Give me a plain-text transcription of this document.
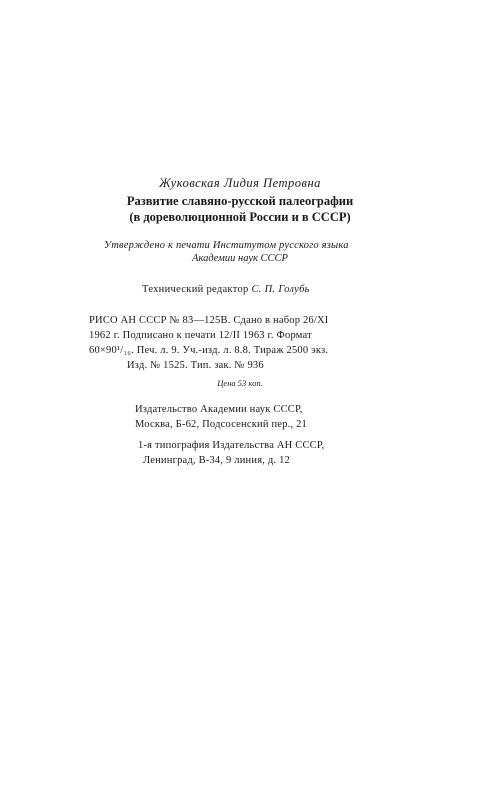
Жуковская Лидия Петровна
Развитие славяно-русской палеографии
(в дореволюционной России и в СССР)
Утверждено к печати Институтом русского языка
Академии наук СССР
Технический редактор С. П. Голубь
РИСО АН СССР № 83—125В. Сдано в набор 26/XI
1962 г. Подписано к печати 12/II 1963 г. Формат
60×90¹/₁₆. Печ. л. 9. Уч.-изд. л. 8.8. Тираж 2500 экз.
Изд. № 1525. Тип. зак. № 936
Цена 53 коп.
Издательство Академии наук СССР,
Москва, Б-62, Подсосенский пер., 21
1-я типография Издательства АН СССР,
Ленинград, В-34, 9 линия, д. 12
